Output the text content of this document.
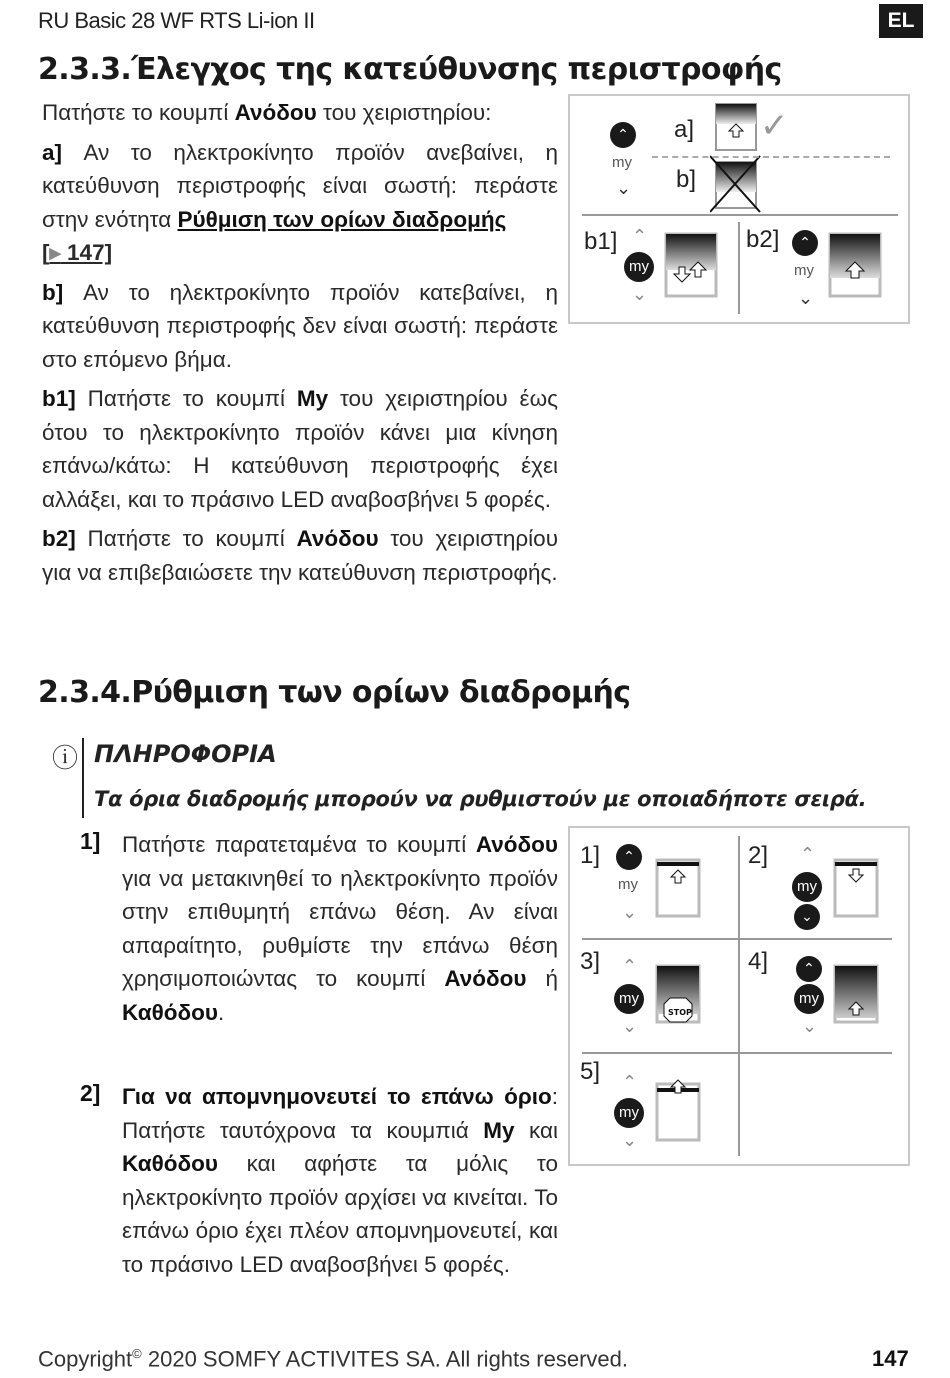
RU Basic 28 WF RTS Li-ion II	EL
2.3.3.Έλεγχος της κατεύθυνσης περιστροφής

Πατήστε το κουμπί Ανόδου του χειριστηρίου:

a] Αν το ηλεκτροκίνητο προϊόν ανεβαίνει, η κατεύθυνση περιστροφής είναι σωστή: περάστε στην ενότητα Ρύθμιση των ορίων διαδρομής
[▸ 147]

b] Αν το ηλεκτροκίνητο προϊόν κατεβαίνει, η κατεύθυνση περιστροφής δεν είναι σωστή: περάστε στο επόμενο βήμα.

b1] Πατήστε το κουμπί My του χειριστηρίου έως ότου το ηλεκτροκίνητο προϊόν κάνει μια κίνηση επάνω/κάτω: Η κατεύθυνση περιστροφής έχει αλλάξει, και το πράσινο LED αναβοσβήνει 5 φορές.

b2] Πατήστε το κουμπί Ανόδου του χειριστηρίου για να επιβεβαιώσετε την κατεύθυνση περιστροφής.

⌃
my
⌄
a]
b]
✓
b1] ⌃
my
⌄
b2]	⌃
my
⌄
2.3.4.Ρύθμιση των ορίων διαδρομής
ⓘ ΠΛΗΡΟΦΟΡΙΑ
Τα όρια διαδρομής μπορούν να ρυθμιστούν με οποιαδήποτε σειρά.
1] Πατήστε παρατεταμένα το κουμπί Ανόδου για να μετακινηθεί το ηλεκτροκίνητο προϊόν στην επιθυμητή επάνω θέση. Αν είναι απαραίτητο, ρυθμίστε την επάνω θέση χρησιμοποιώντας το κουμπί Ανόδου ή Καθόδου.
2] Για να απομνημονευτεί το επάνω όριο: Πατήστε ταυτόχρονα τα κουμπιά My και Καθόδου και αφήστε τα μόλις το ηλεκτροκίνητο προϊόν αρχίσει να κινείται. Το επάνω όριο έχει πλέον απομνημονευτεί, και το πράσινο LED αναβοσβήνει 5 φορές.
1]	⌃
my
⌄
2] ⌃
my
⌄
3] ⌃
my
⌄
STOP
4]	⌃
my
⌄
5] ⌃
my
⌄
Copyright© 2020 SOMFY ACTIVITES SA. All rights reserved.	147
